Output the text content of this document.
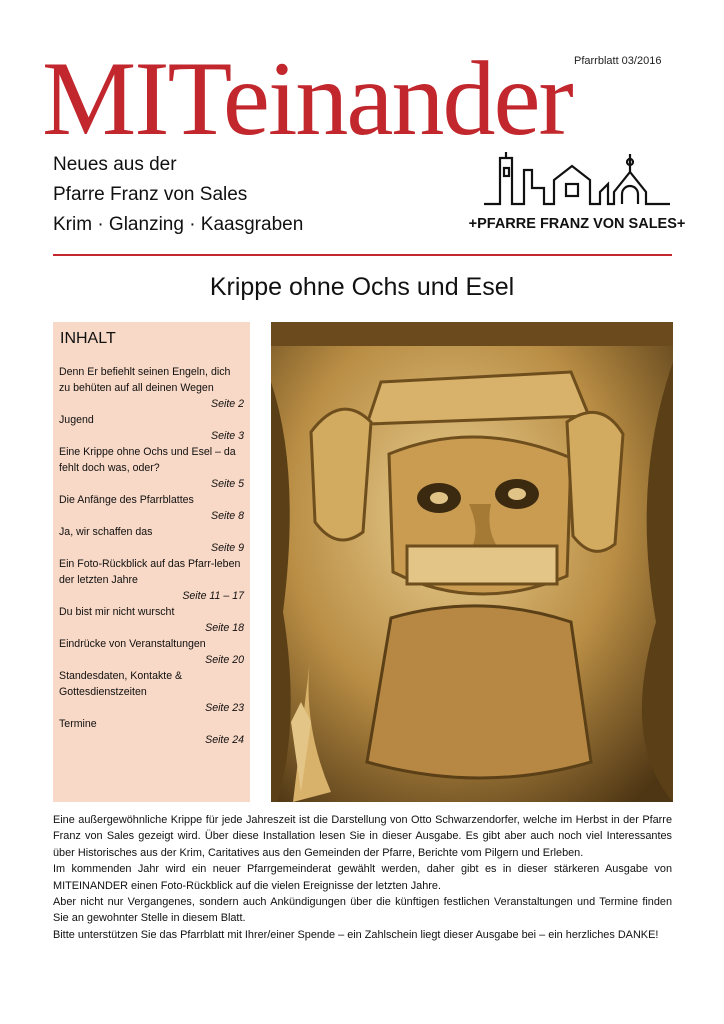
Pfarrblatt 03/2016
MITeinander
Neues aus der
Pfarre Franz von Sales
Krim · Glanzing · Kaasgraben	+PFARRE FRANZ VON SALES+
Krippe ohne Ochs und Esel
INHALT
Denn Er befiehlt seinen Engeln, dich zu behüten auf all deinen Wegen
Seite 2
Jugend
Seite 3
Eine Krippe ohne Ochs und Esel – da fehlt doch was, oder?
Seite 5
Die Anfänge des Pfarrblattes
Seite 8
Ja, wir schaffen das
Seite 9
Ein Foto-Rückblick auf das Pfarr-leben der letzten Jahre
Seite 11 – 17
Du bist mir nicht wurscht
Seite 18
Eindrücke von Veranstaltungen
Seite 20
Standesdaten, Kontakte & Gottesdienstzeiten
Seite 23
Termine
Seite 24

Eine außergewöhnliche Krippe für jede Jahreszeit ist die Darstellung von Otto Schwarzendorfer, welche im Herbst in der Pfarre Franz von Sales gezeigt wird. Über diese Installation lesen Sie in dieser Ausgabe. Es gibt aber auch noch viel Interessantes über Historisches aus der Krim, Caritatives aus den Gemeinden der Pfarre, Berichte vom Pilgern und Erleben.

Im kommenden Jahr wird ein neuer Pfarrgemeinderat gewählt werden, daher gibt es in dieser stärkeren Ausgabe von MITEINANDER einen Foto-Rückblick auf die vielen Ereignisse der letzten Jahre.

Aber nicht nur Vergangenes, sondern auch Ankündigungen über die künftigen festlichen Veranstaltungen und Termine finden Sie an gewohnter Stelle in diesem Blatt.

Bitte unterstützen Sie das Pfarrblatt mit Ihrer/einer Spende – ein Zahlschein liegt dieser Ausgabe bei – ein herzliches DANKE!
